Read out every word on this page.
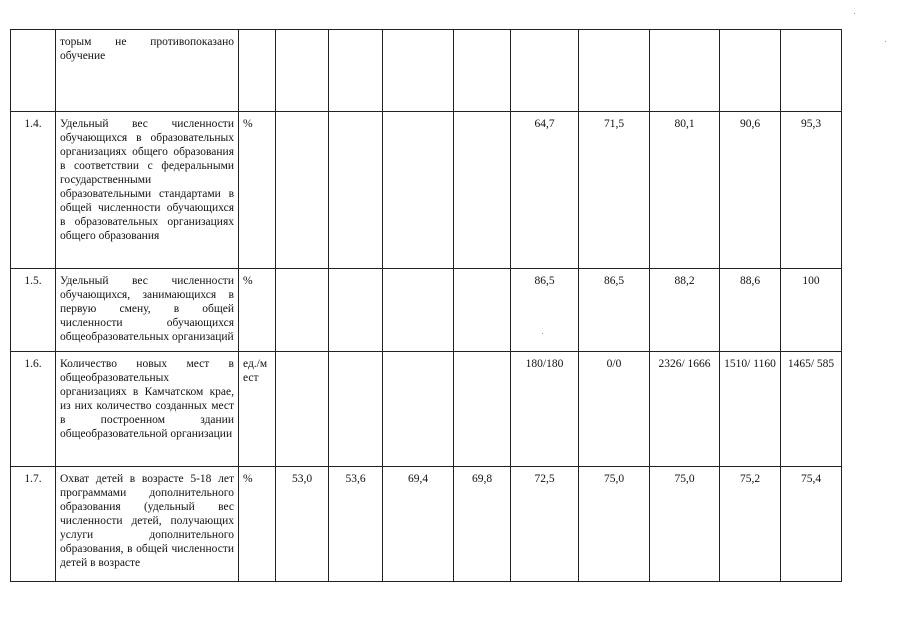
	торым не противопоказано обучение										
1.4.	Удельный вес численности обучающихся в образовательных организациях общего образования в соответствии с федеральными государственными образовательными стандартами в общей численности обучающихся в образовательных организациях общего образования	%					64,7	71,5	80,1	90,6	95,3
1.5.	Удельный вес численности обучающихся, занимающихся в первую смену, в общей численности обучающихся общеобразовательных организаций	%					86,5	86,5	88,2	88,6	100
1.6.	Количество новых мест в общеобразовательных организациях в Камчатском крае, из них количество созданных мест в построенном здании общеобразовательной организации	ед./м ест					180/180	0/0	2326/ 1666	1510/ 1160	1465/ 585
1.7.	Охват детей в возрасте 5-18 лет программами дополнительного образования (удельный вес численности детей, получающих услуги дополнительного образования, в общей численности детей в возрасте	%	53,0	53,6	69,4	69,8	72,5	75,0	75,0	75,2	75,4
